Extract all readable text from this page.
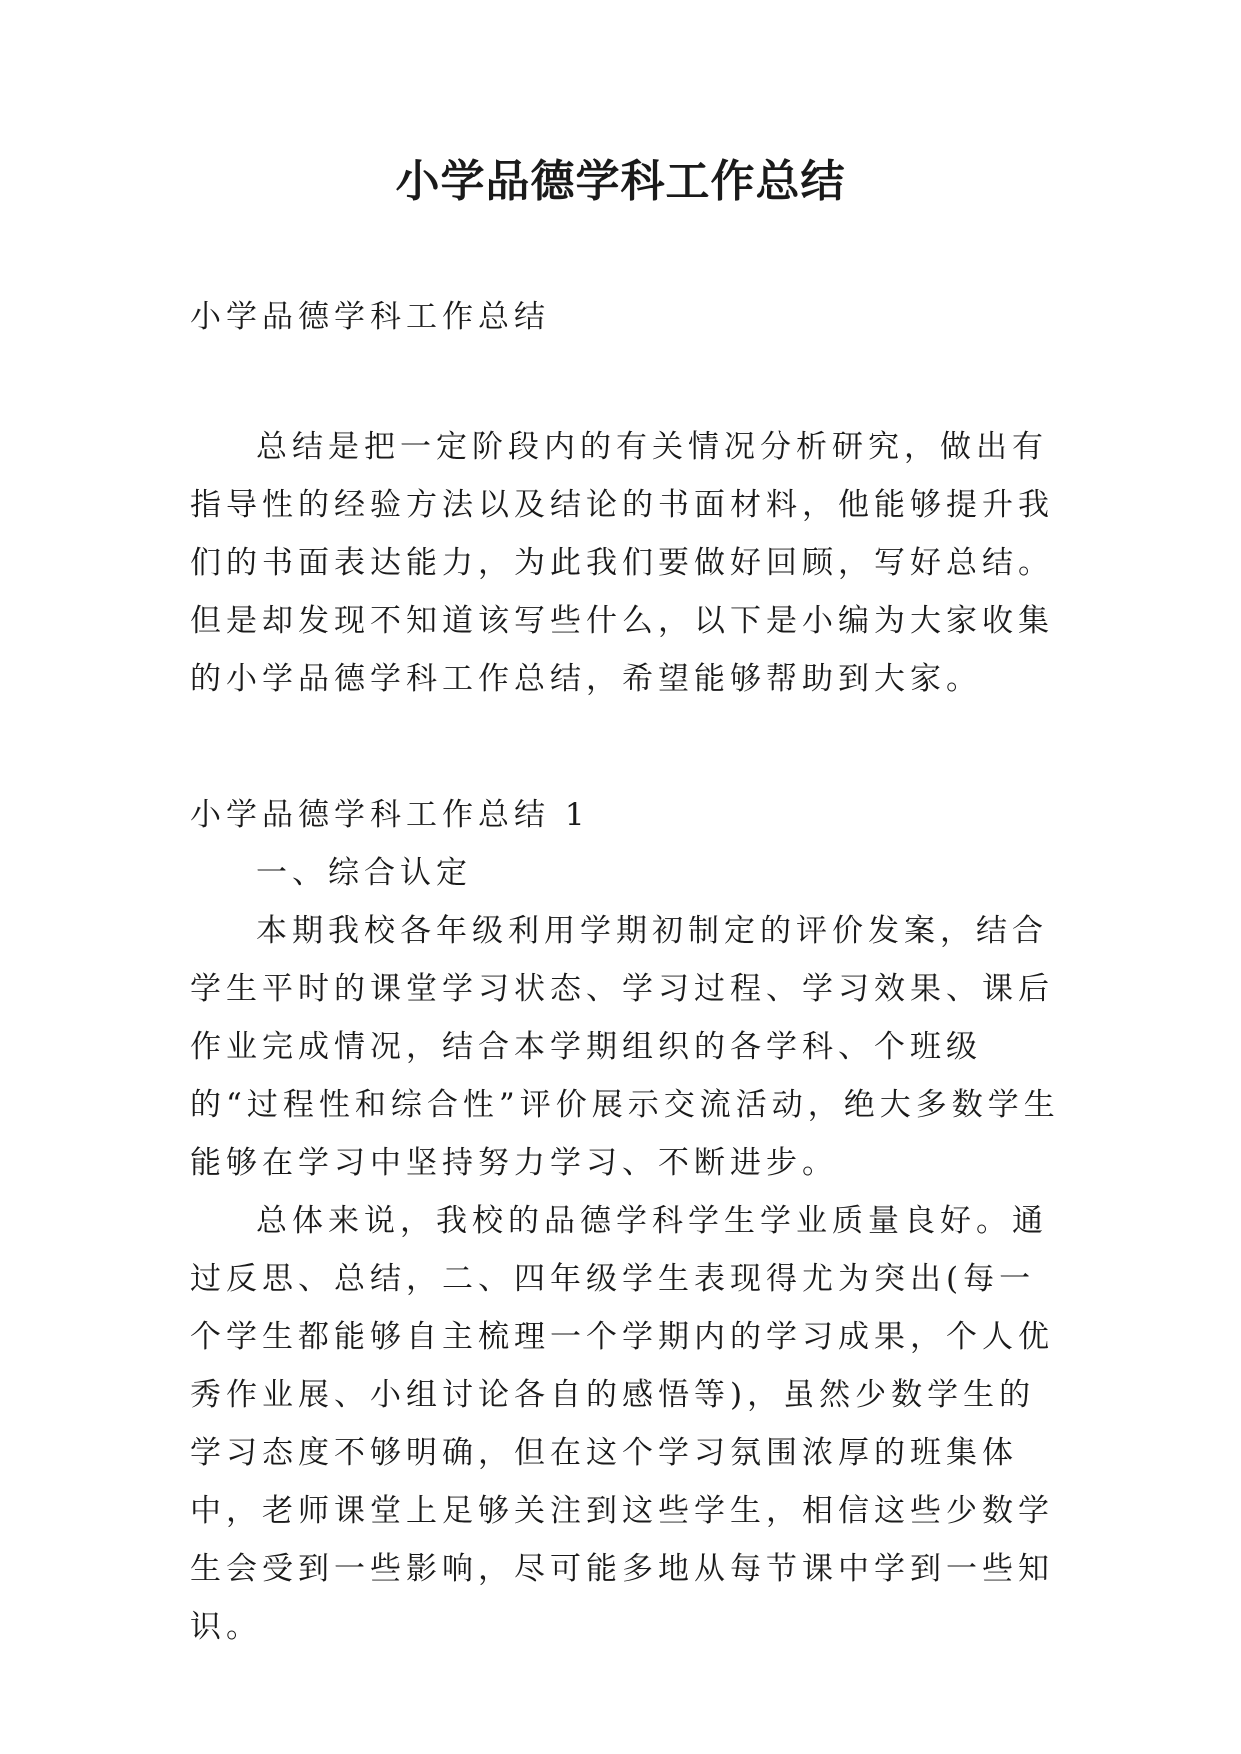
小学品德学科工作总结

小学品德学科工作总结

总结是把一定阶段内的有关情况分析研究，做出有指导性的经验方法以及结论的书面材料，他能够提升我们的书面表达能力，为此我们要做好回顾，写好总结。但是却发现不知道该写些什么，以下是小编为大家收集的小学品德学科工作总结，希望能够帮助到大家。

小学品德学科工作总结 1

一、综合认定

本期我校各年级利用学期初制定的评价发案，结合学生平时的课堂学习状态、学习过程、学习效果、课后作业完成情况，结合本学期组织的各学科、个班级的“过程性和综合性”评价展示交流活动，绝大多数学生能够在学习中坚持努力学习、不断进步。

总体来说，我校的品德学科学生学业质量良好。通过反思、总结，二、四年级学生表现得尤为突出(每一个学生都能够自主梳理一个学期内的学习成果，个人优秀作业展、小组讨论各自的感悟等)，虽然少数学生的学习态度不够明确，但在这个学习氛围浓厚的班集体中，老师课堂上足够关注到这些学生，相信这些少数学生会受到一些影响，尽可能多地从每节课中学到一些知识。
